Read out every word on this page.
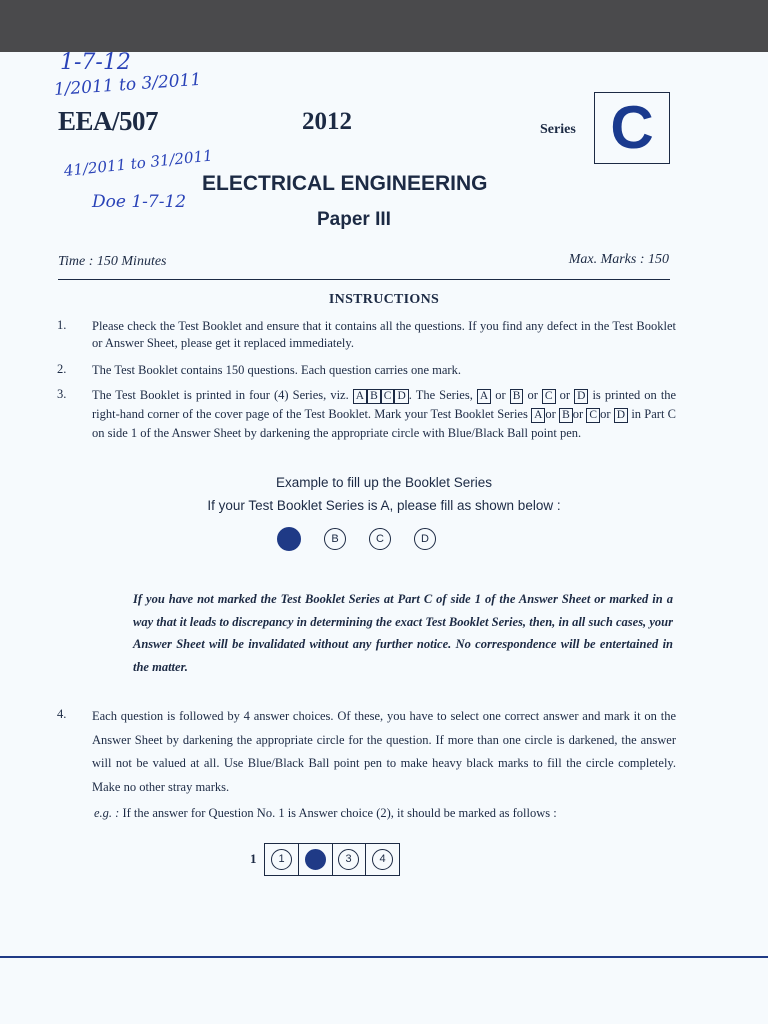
1-7-12
1/2011 to 3/2011
41/2011 to 31/2011
Doe 1-7-12
EEA/507	2012	Series C
ELECTRICAL ENGINEERING
Paper III
Time : 150 Minutes	Max. Marks : 150
INSTRUCTIONS
1. Please check the Test Booklet and ensure that it contains all the questions. If you find any defect in the Test Booklet or Answer Sheet, please get it replaced immediately.
2. The Test Booklet contains 150 questions. Each question carries one mark.
3. The Test Booklet is printed in four (4) Series, viz. A B C D . The Series, A or B or C or D is printed on the right-hand corner of the cover page of the Test Booklet. Mark your Test Booklet Series A or B or C or D in Part C on side 1 of the Answer Sheet by darkening the appropriate circle with Blue/Black Ball point pen.
Example to fill up the Booklet Series
If your Test Booklet Series is A, please fill as shown below :
B	C	D
If you have not marked the Test Booklet Series at Part C of side 1 of the Answer Sheet or marked in a way that it leads to discrepancy in determining the exact Test Booklet Series, then, in all such cases, your Answer Sheet will be invalidated without any further notice. No correspondence will be entertained in the matter.
4. Each question is followed by 4 answer choices. Of these, you have to select one correct answer and mark it on the Answer Sheet by darkening the appropriate circle for the question. If more than one circle is darkened, the answer will not be valued at all. Use Blue/Black Ball point pen to make heavy black marks to fill the circle completely. Make no other stray marks.
e.g. : If the answer for Question No. 1 is Answer choice (2), it should be marked as follows :
1	1	3	4
